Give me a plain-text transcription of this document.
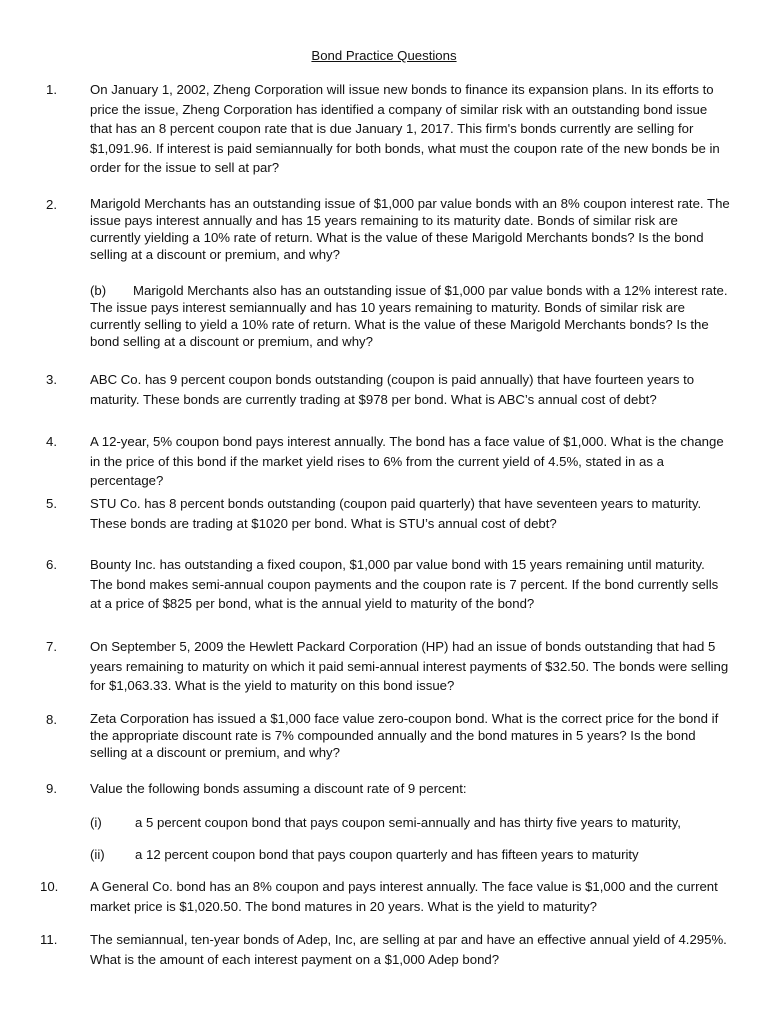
Bond Practice Questions
1.	On January 1, 2002, Zheng Corporation will issue new bonds to finance its expansion plans. In its efforts to price the issue, Zheng Corporation has identified a company of similar risk with an outstanding bond issue that has an 8 percent coupon rate that is due January 1, 2017. This firm's bonds currently are selling for $1,091.96. If interest is paid semiannually for both bonds, what must the coupon rate of the new bonds be in order for the issue to sell at par?

2.	Marigold Merchants has an outstanding issue of $1,000 par value bonds with an 8% coupon interest rate. The issue pays interest annually and has 15 years remaining to its maturity date. Bonds of similar risk are currently yielding a 10% rate of return. What is the value of these Marigold Merchants bonds? Is the bond selling at a discount or premium, and why?

(b) Marigold Merchants also has an outstanding issue of $1,000 par value bonds with a 12% interest rate. The issue pays interest semiannually and has 10 years remaining to maturity. Bonds of similar risk are currently selling to yield a 10% rate of return. What is the value of these Marigold Merchants bonds? Is the bond selling at a discount or premium, and why?

3.	ABC Co. has 9 percent coupon bonds outstanding (coupon is paid annually) that have fourteen years to maturity. These bonds are currently trading at $978 per bond. What is ABC’s annual cost of debt?

4.	A 12-year, 5% coupon bond pays interest annually. The bond has a face value of $1,000. What is the change in the price of this bond if the market yield rises to 6% from the current yield of 4.5%, stated in as a percentage?

5.	STU Co. has 8 percent bonds outstanding (coupon paid quarterly) that have seventeen years to maturity. These bonds are trading at $1020 per bond. What is STU’s annual cost of debt?

6.	Bounty Inc. has outstanding a fixed coupon, $1,000 par value bond with 15 years remaining until maturity. The bond makes semi-annual coupon payments and the coupon rate is 7 percent. If the bond currently sells at a price of $825 per bond, what is the annual yield to maturity of the bond?

7.	On September 5, 2009 the Hewlett Packard Corporation (HP) had an issue of bonds outstanding that had 5 years remaining to maturity on which it paid semi-annual interest payments of $32.50. The bonds were selling for $1,063.33. What is the yield to maturity on this bond issue?

8.	Zeta Corporation has issued a $1,000 face value zero-coupon bond. What is the correct price for the bond if the appropriate discount rate is 7% compounded annually and the bond matures in 5 years? Is the bond selling at a discount or premium, and why?

9.	Value the following bonds assuming a discount rate of 9 percent:

(i)	a 5 percent coupon bond that pays coupon semi-annually and has thirty five years to maturity,
(ii) a 12 percent coupon bond that pays coupon quarterly and has fifteen years to maturity
10. A General Co. bond has an 8% coupon and pays interest annually. The face value is $1,000 and the current market price is $1,020.50. The bond matures in 20 years. What is the yield to maturity?

11. The semiannual, ten-year bonds of Adep, Inc, are selling at par and have an effective annual yield of 4.295%. What is the amount of each interest payment on a $1,000 Adep bond?
